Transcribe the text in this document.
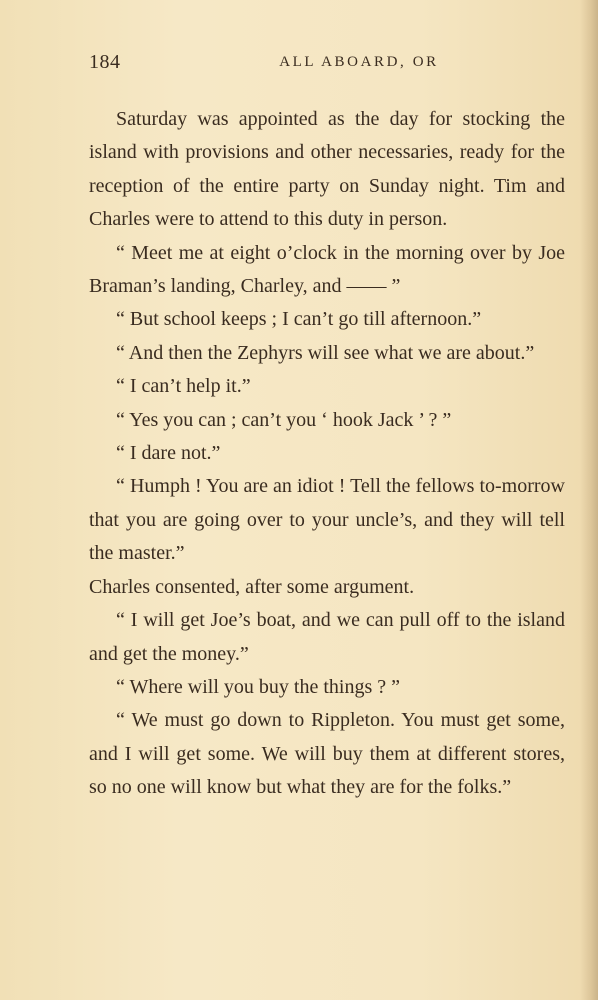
184	ALL ABOARD, OR

Saturday was appointed as the day for stocking the island with provisions and other necessaries, ready for the reception of the entire party on Sunday night. Tim and Charles were to attend to this duty in person.

“ Meet me at eight o’clock in the morning over by Joe Braman’s landing, Charley, and —— ”

“ But school keeps ; I can’t go till afternoon.”

“ And then the Zephyrs will see what we are about.”

“ I can’t help it.”

“ Yes you can ; can’t you ‘ hook Jack ’ ? ”

“ I dare not.”

“ Humph ! You are an idiot ! Tell the fellows to-morrow that you are going over to your uncle’s, and they will tell the master.”

Charles consented, after some argument.

“ I will get Joe’s boat, and we can pull off to the island and get the money.”

“ Where will you buy the things ? ”

“ We must go down to Rippleton. You must get some, and I will get some. We will buy them at different stores, so no one will know but what they are for the folks.”
